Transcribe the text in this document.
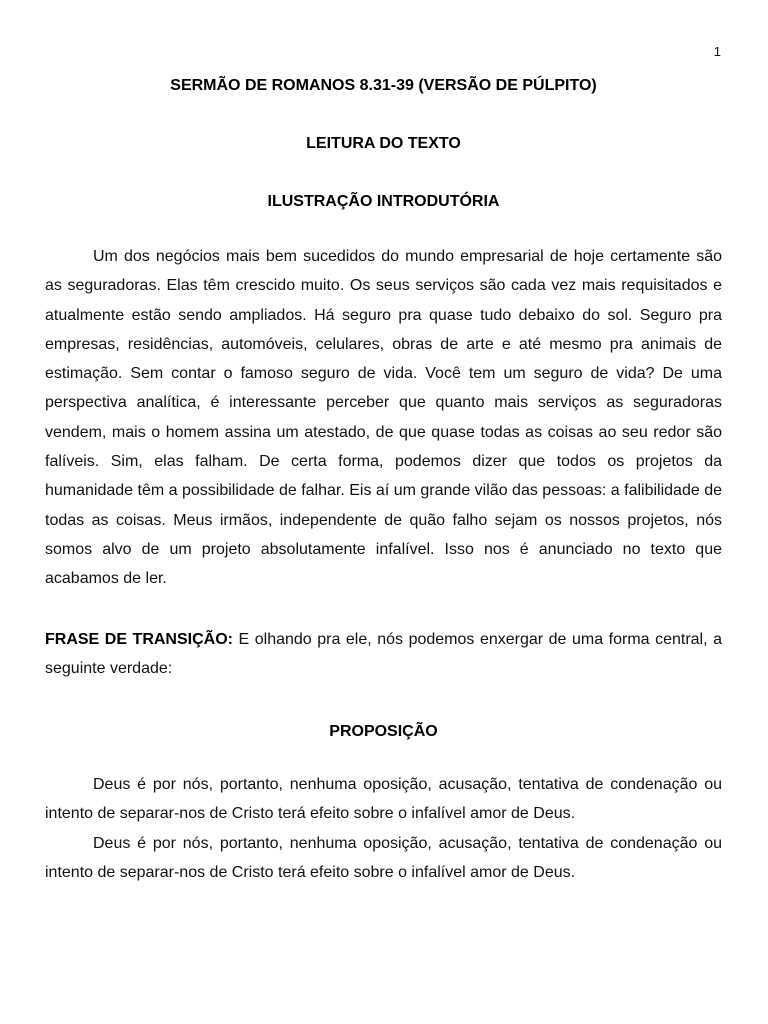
1
SERMÃO DE ROMANOS 8.31-39 (VERSÃO DE PÚLPITO)
LEITURA DO TEXTO
ILUSTRAÇÃO INTRODUTÓRIA

Um dos negócios mais bem sucedidos do mundo empresarial de hoje certamente são as seguradoras. Elas têm crescido muito. Os seus serviços são cada vez mais requisitados e atualmente estão sendo ampliados. Há seguro pra quase tudo debaixo do sol. Seguro pra empresas, residências, automóveis, celulares, obras de arte e até mesmo pra animais de estimação. Sem contar o famoso seguro de vida. Você tem um seguro de vida? De uma perspectiva analítica, é interessante perceber que quanto mais serviços as seguradoras vendem, mais o homem assina um atestado, de que quase todas as coisas ao seu redor são falíveis. Sim, elas falham. De certa forma, podemos dizer que todos os projetos da humanidade têm a possibilidade de falhar. Eis aí um grande vilão das pessoas: a falibilidade de todas as coisas. Meus irmãos, independente de quão falho sejam os nossos projetos, nós somos alvo de um projeto absolutamente infalível. Isso nos é anunciado no texto que acabamos de ler.

FRASE DE TRANSIÇÃO: E olhando pra ele, nós podemos enxergar de uma forma central, a seguinte verdade:

PROPOSIÇÃO

Deus é por nós, portanto, nenhuma oposição, acusação, tentativa de condenação ou intento de separar-nos de Cristo terá efeito sobre o infalível amor de Deus.

Deus é por nós, portanto, nenhuma oposição, acusação, tentativa de condenação ou intento de separar-nos de Cristo terá efeito sobre o infalível amor de Deus.
